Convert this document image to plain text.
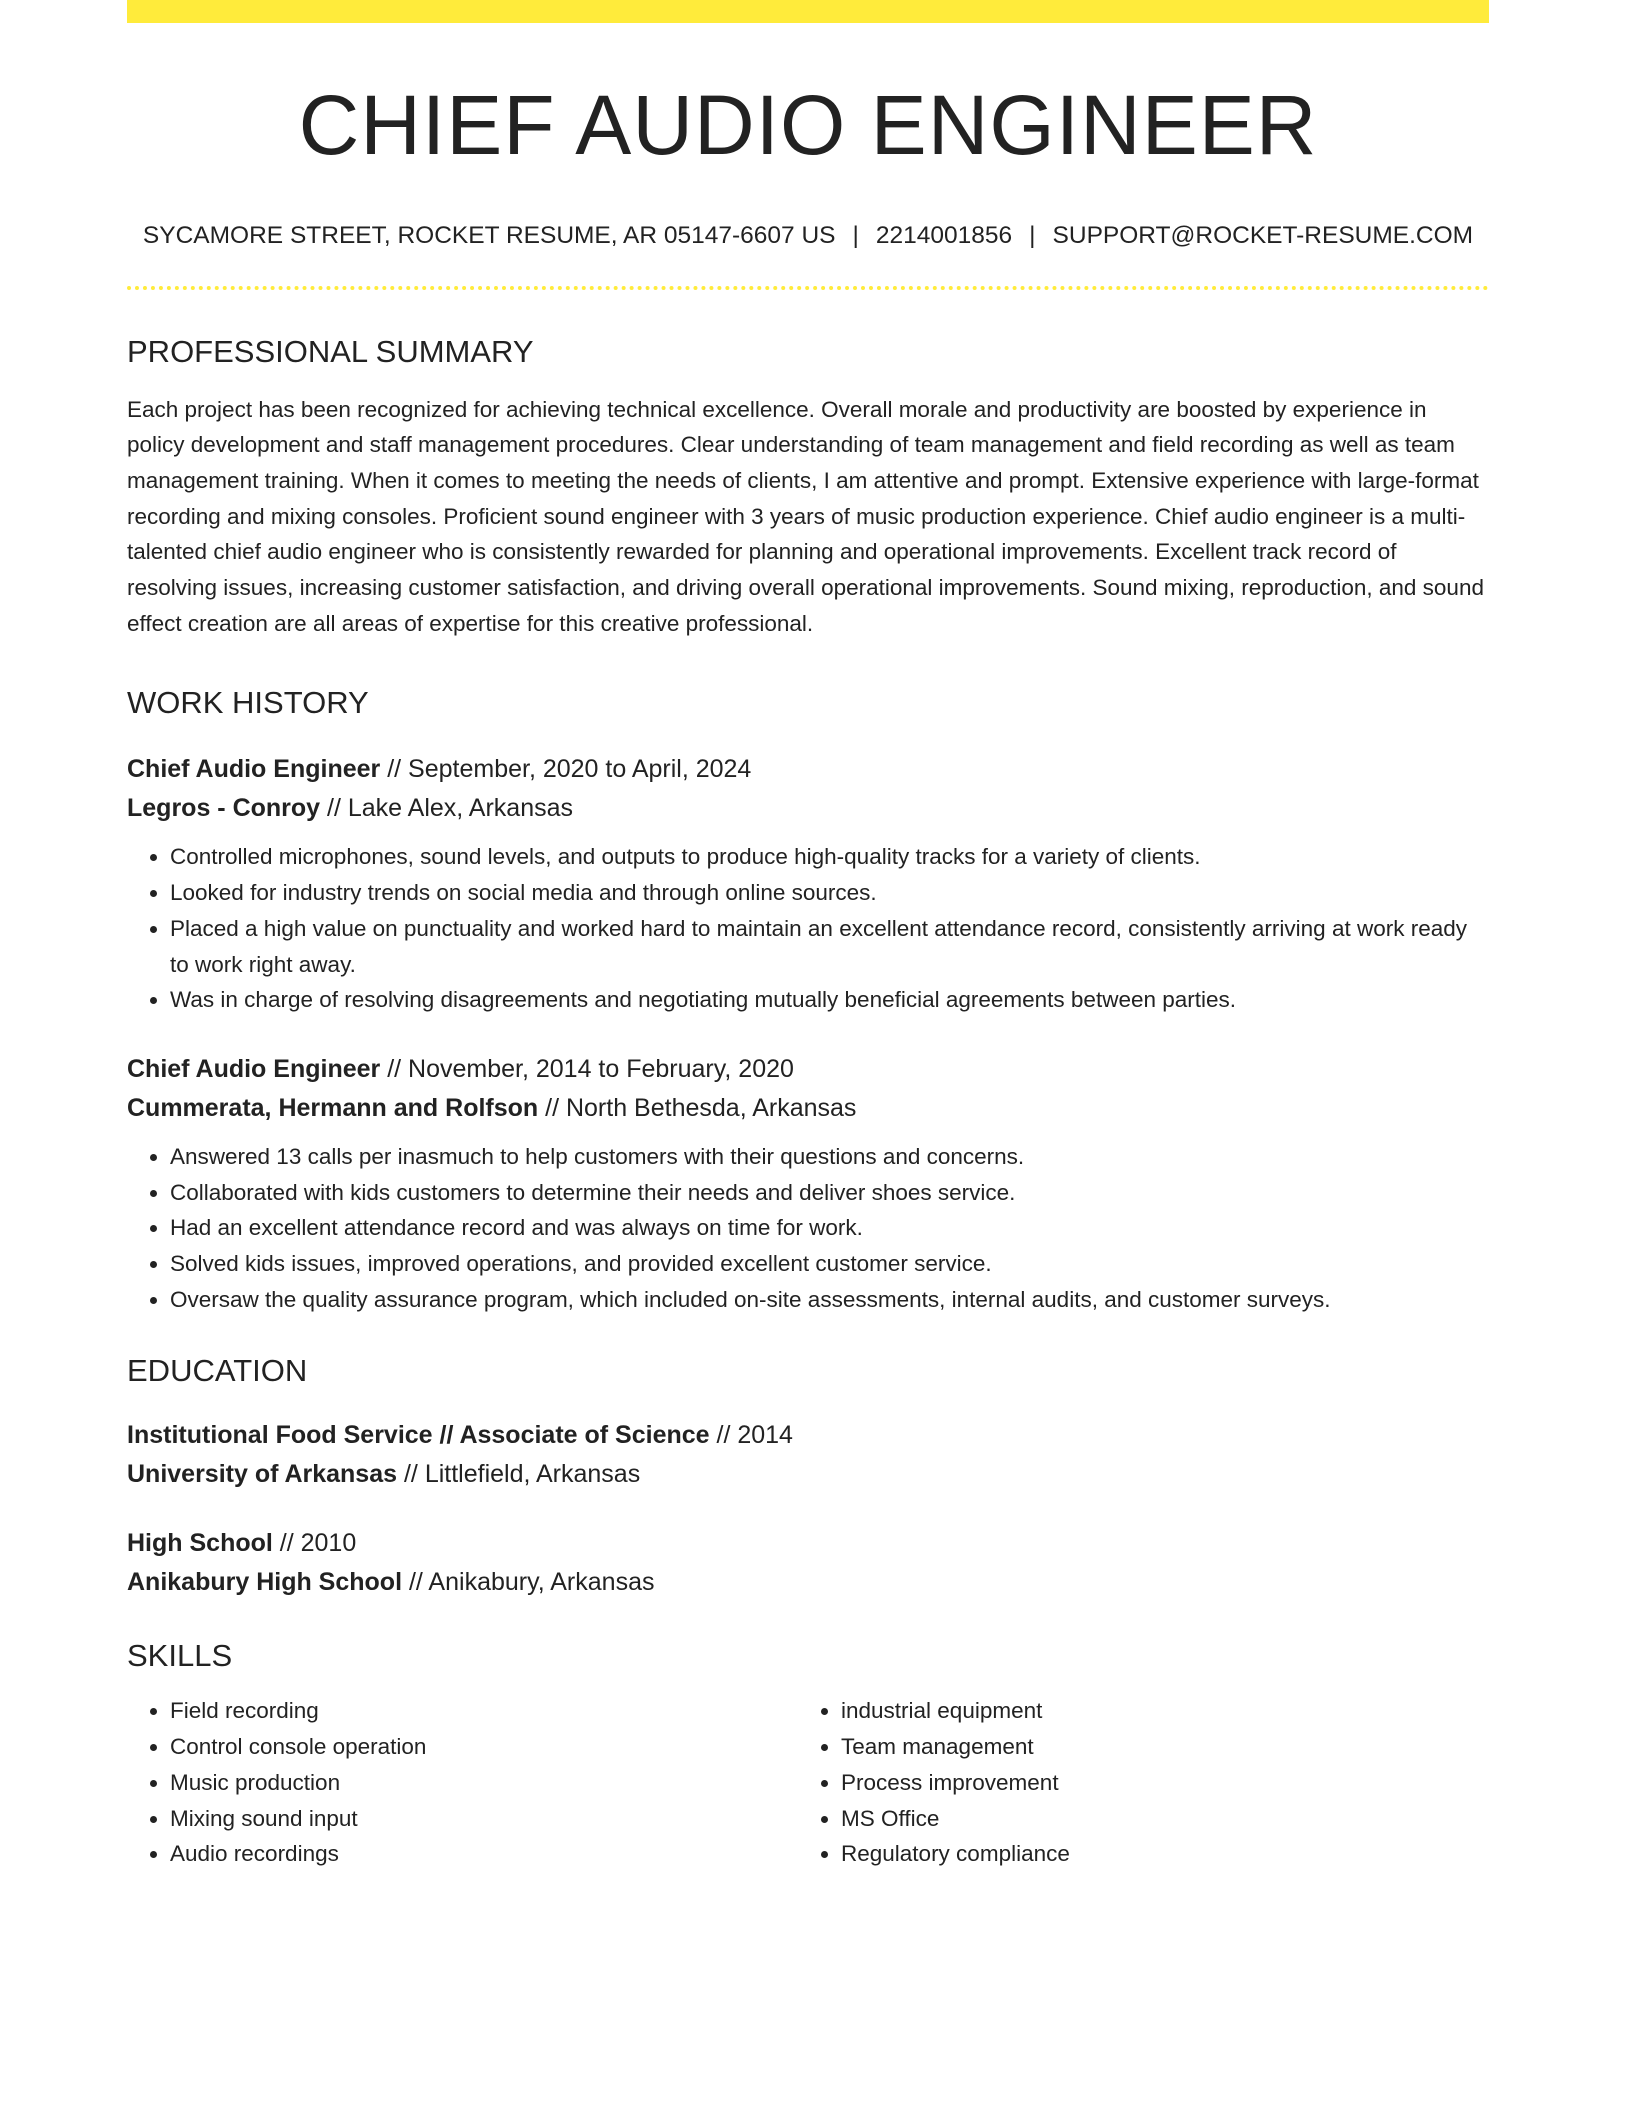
CHIEF AUDIO ENGINEER
SYCAMORE STREET, ROCKET RESUME, AR 05147-6607 US | 2214001856 | SUPPORT@ROCKET-RESUME.COM
PROFESSIONAL SUMMARY
Each project has been recognized for achieving technical excellence. Overall morale and productivity are boosted by experience in policy development and staff management procedures. Clear understanding of team management and field recording as well as team management training. When it comes to meeting the needs of clients, I am attentive and prompt. Extensive experience with large-format recording and mixing consoles. Proficient sound engineer with 3 years of music production experience. Chief audio engineer is a multi-talented chief audio engineer who is consistently rewarded for planning and operational improvements. Excellent track record of resolving issues, increasing customer satisfaction, and driving overall operational improvements. Sound mixing, reproduction, and sound effect creation are all areas of expertise for this creative professional.
WORK HISTORY
Chief Audio Engineer // September, 2020 to April, 2024
Legros - Conroy // Lake Alex, Arkansas
• Controlled microphones, sound levels, and outputs to produce high-quality tracks for a variety of clients.
• Looked for industry trends on social media and through online sources.
• Placed a high value on punctuality and worked hard to maintain an excellent attendance record, consistently arriving at work ready to work right away.
• Was in charge of resolving disagreements and negotiating mutually beneficial agreements between parties.
Chief Audio Engineer // November, 2014 to February, 2020
Cummerata, Hermann and Rolfson // North Bethesda, Arkansas
• Answered 13 calls per inasmuch to help customers with their questions and concerns.
• Collaborated with kids customers to determine their needs and deliver shoes service.
• Had an excellent attendance record and was always on time for work.
• Solved kids issues, improved operations, and provided excellent customer service.
• Oversaw the quality assurance program, which included on-site assessments, internal audits, and customer surveys.
EDUCATION
Institutional Food Service // Associate of Science // 2014
University of Arkansas // Littlefield, Arkansas
High School // 2010
Anikabury High School // Anikabury, Arkansas
SKILLS
• Field recording
• Control console operation
• Music production
• Mixing sound input
• Audio recordings
• industrial equipment
• Team management
• Process improvement
• MS Office
• Regulatory compliance
